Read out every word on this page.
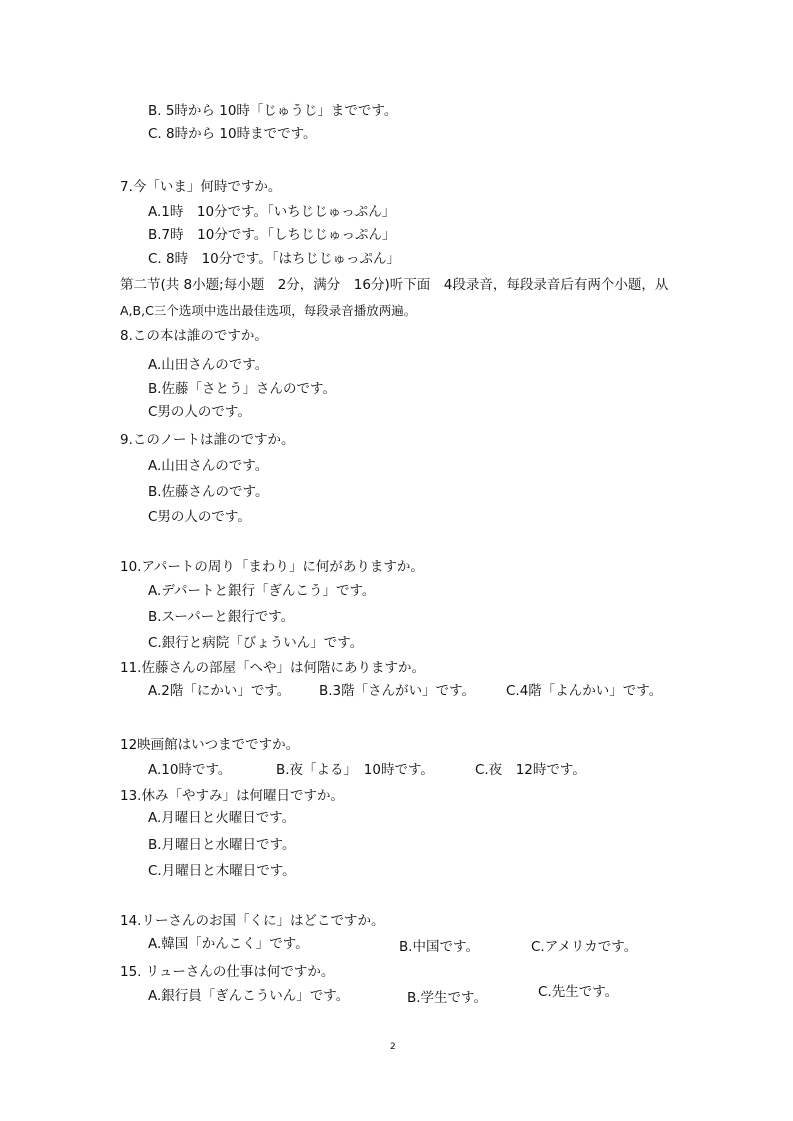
B. 5時から 10時「じゅうじ」までです。
C. 8時から 10時までです。
7.今「いま」何時ですか。
A.1時　10分です。「いちじじゅっぷん」
B.7時　10分です。「しちじじゅっぷん」
C. 8時　10分です。「はちじじゅっぷん」
第二节(共 8小题;每小题　2分，满分　16分)听下面　4段录音，每段录音后有两个小题，从
A,B,C三个选项中选出最佳选项，每段录音播放两遍。
8.この本は誰のですか。
A.山田さんのです。
B.佐藤「さとう」さんのです。
C男の人のです。
9.このノートは誰のですか。
A.山田さんのです。
B.佐藤さんのです。
C男の人のです。
10.アパートの周り「まわり」に何がありますか。
A.デパートと銀行「ぎんこう」です。
B.スーパーと銀行です。
C.銀行と病院「びょういん」です。
11.佐藤さんの部屋「へや」は何階にありますか。
A.2階「にかい」です。 B.3階「さんがい」です。 C.4階「よんかい」です。
12映画館はいつまでですか。
A.10時です。	B.夜「よる」　10時です。	C.夜　12時です。
13.休み「やすみ」は何曜日ですか。
A.月曜日と火曜日です。
B.月曜日と水曜日です。
C.月曜日と木曜日です。
14.リーさんのお国「くに」はどこですか。
A.韓国「かんこく」です。	B.中国です。	C.アメリカです。
15. リューさんの仕事は何ですか。
A.銀行員「ぎんこういん」です。	B.学生です。	C.先生です。
2
